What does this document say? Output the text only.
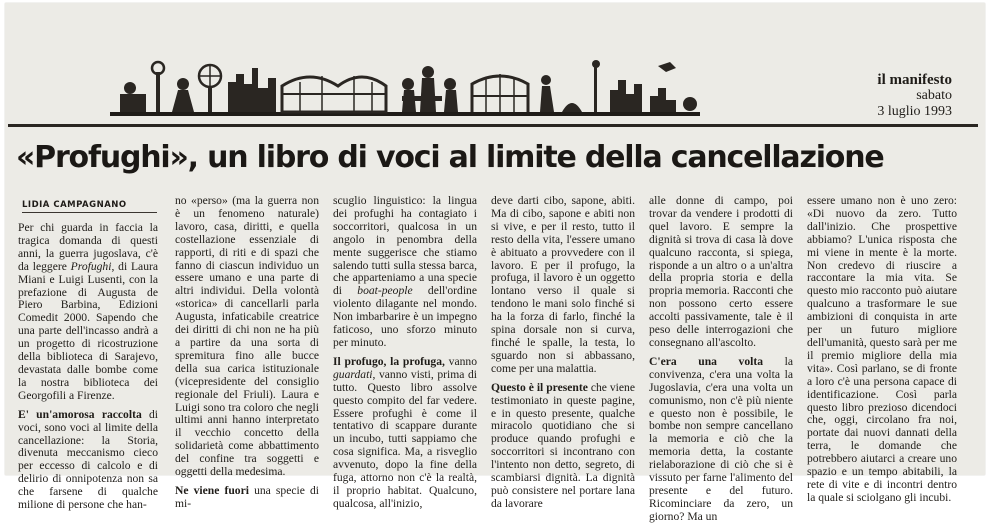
il manifesto
sabato
3 luglio 1993
«Profughi», un libro di voci al limite della cancellazione
LIDIA CAMPAGNANO

Per chi guarda in faccia la tragica domanda di questi anni, la guerra jugoslava, c'è da leggere Profughi, di Laura Miani e Luigi Lusenti, con la prefazione di Augusta de Piero Barbina, Edizioni Comedit 2000. Sapendo che una parte dell'incasso andrà a un progetto di ricostruzione della biblioteca di Sarajevo, devastata dalle bombe come la nostra biblioteca dei Georgofili a Firenze.

E' un'amorosa raccolta di voci, sono voci al limite della cancellazione: la Storia, divenuta meccanismo cieco per eccesso di calcolo e di delirio di onnipotenza non sa che farsene di qualche milione di persone che han-

no «perso» (ma la guerra non è un fenomeno naturale) lavoro, casa, diritti, e quella costellazione essenziale di rapporti, di riti e di spazi che fanno di ciascun individuo un essere umano e una parte di altri individui. Della volontà «storica» di cancellarli parla Augusta, infaticabile creatrice dei diritti di chi non ne ha più a partire da una sorta di spremitura fino alle bucce della sua carica istituzionale (vicepresidente del consiglio regionale del Friuli). Laura e Luigi sono tra coloro che negli ultimi anni hanno interpretato il vecchio concetto della solidarietà come abbattimento del confine tra soggetti e oggetti della medesima.

Ne viene fuori una specie di mi-

scuglio linguistico: la lingua dei profughi ha contagiato i soccorritori, qualcosa in un angolo in penombra della mente suggerisce che stiamo salendo tutti sulla stessa barca, che apparteniamo a una specie di boat-people dell'ordine violento dilagante nel mondo. Non imbarbarire è un impegno faticoso, uno sforzo minuto per minuto.

Il profugo, la profuga, vanno guardati, vanno visti, prima di tutto. Questo libro assolve questo compito del far vedere. Essere profughi è come il tentativo di scappare durante un incubo, tutti sappiamo che cosa significa. Ma, a risveglio avvenuto, dopo la fine della fuga, attorno non c'è la realtà, il proprio habitat. Qualcuno, qualcosa, all'inizio,

deve darti cibo, sapone, abiti. Ma di cibo, sapone e abiti non si vive, e per il resto, tutto il resto della vita, l'essere umano è abituato a provvedere con il lavoro. E per il profugo, la profuga, il lavoro è un oggetto lontano verso il quale si tendono le mani solo finché si ha la forza di farlo, finché la spina dorsale non si curva, finché le spalle, la testa, lo sguardo non si abbassano, come per una malattia.

Questo è il presente che viene testimoniato in queste pagine, e in questo presente, qualche miracolo quotidiano che si produce quando profughi e soccorritori si incontrano con l'intento non detto, segreto, di scambiarsi dignità. La dignità può consistere nel portare lana da lavorare

alle donne di campo, poi trovar da vendere i prodotti di quel lavoro. E sempre la dignità si trova di casa là dove qualcuno racconta, si spiega, risponde a un altro o a un'altra della propria storia e della propria memoria. Racconti che non possono certo essere accolti passivamente, tale è il peso delle interrogazioni che consegnano all'ascolto.

C'era una volta la convivenza, c'era una volta la Jugoslavia, c'era una volta un comunismo, non c'è più niente e questo non è possibile, le bombe non sempre cancellano la memoria e ciò che la memoria detta, la costante rielaborazione di ciò che si è vissuto per farne l'alimento del presente e del futuro. Ricominciare da zero, un giorno? Ma un

essere umano non è uno zero: «Di nuovo da zero. Tutto dall'inizio. Che prospettive abbiamo? L'unica risposta che mi viene in mente è la morte. Non credevo di riuscire a raccontare la mia vita. Se questo mio racconto può aiutare qualcuno a trasformare le sue ambizioni di conquista in arte per un futuro migliore dell'umanità, questo sarà per me il premio migliore della mia vita». Così parlano, se di fronte a loro c'è una persona capace di identificazione. Così parla questo libro prezioso dicendoci che, oggi, circolano fra noi, portate dai nuovi dannati della terra, le domande che potrebbero aiutarci a creare uno spazio e un tempo abitabili, la rete di vite e di incontri dentro la quale si sciolgano gli incubi.
